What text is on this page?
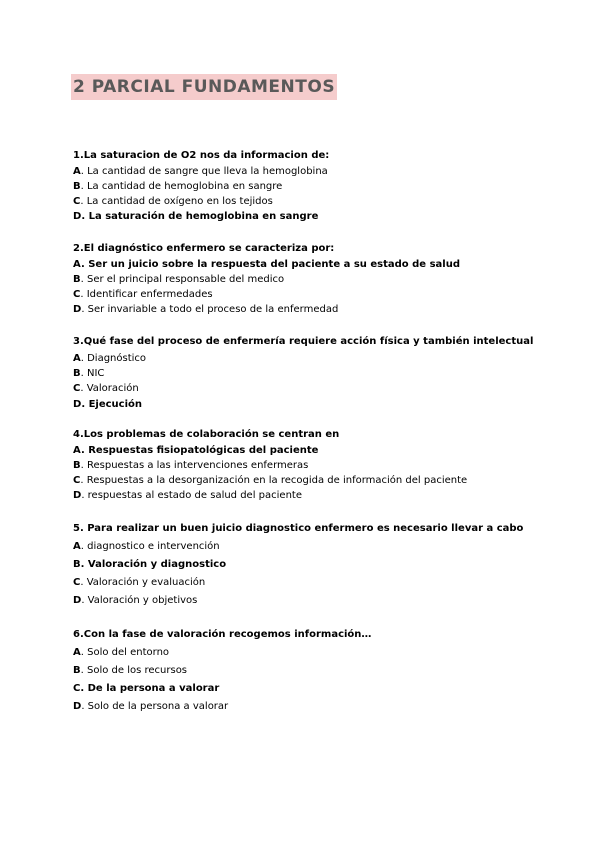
2 PARCIAL FUNDAMENTOS
1.La saturacion de O2 nos da informacion de:
A. La cantidad de sangre que lleva la hemoglobina
B. La cantidad de hemoglobina en sangre
C. La cantidad de oxígeno en los tejidos
D. La saturación de hemoglobina en sangre
2.El diagnóstico enfermero se caracteriza por:
A. Ser un juicio sobre la respuesta del paciente a su estado de salud
B. Ser el principal responsable del medico
C. Identificar enfermedades
D. Ser invariable a todo el proceso de la enfermedad
3.Qué fase del proceso de enfermería requiere acción física y también intelectual
A. Diagnóstico
B. NIC
C. Valoración
D. Ejecución
4.Los problemas de colaboración se centran en
A. Respuestas fisiopatológicas del paciente
B. Respuestas a las intervenciones enfermeras
C. Respuestas a la desorganización en la recogida de información del paciente
D. respuestas al estado de salud del paciente
5. Para realizar un buen juicio diagnostico enfermero es necesario llevar a cabo
A. diagnostico e intervención
B. Valoración y diagnostico
C. Valoración y evaluación
D. Valoración y objetivos
6.Con la fase de valoración recogemos información…
A. Solo del entorno
B. Solo de los recursos
C. De la persona a valorar
D. Solo de la persona a valorar
